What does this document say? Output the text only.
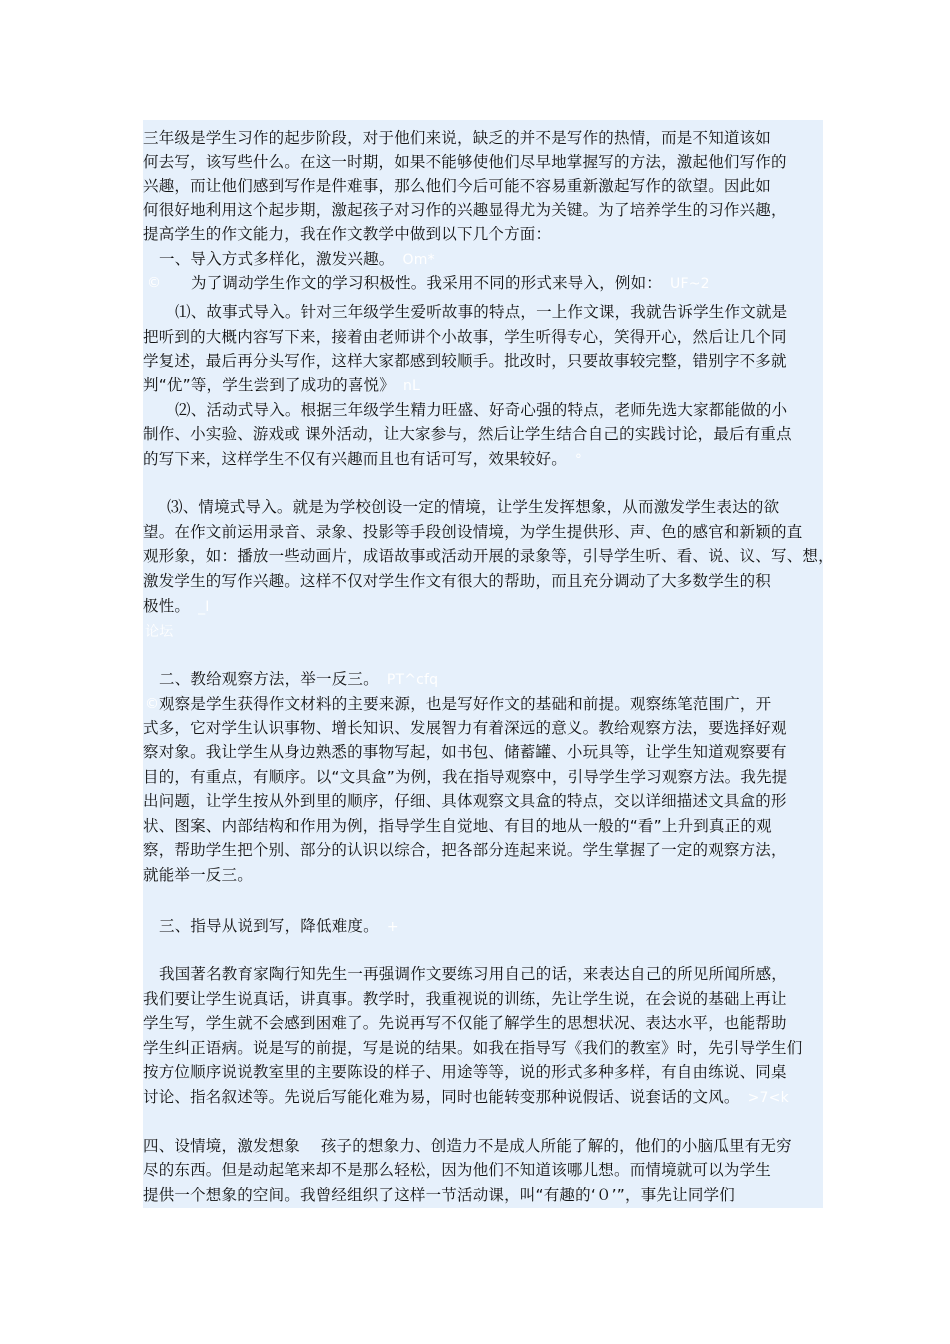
三年级是学生习作的起步阶段，对于他们来说，缺乏的并不是写作的热情，而是不知道该如
何去写，该写些什么。在这一时期，如果不能够使他们尽早地掌握写的方法，激起他们写作的
兴趣，而让他们感到写作是件难事，那么他们今后可能不容易重新激起写作的欲望。因此如
何很好地利用这个起步期，激起孩子对习作的兴趣显得尤为关键。为了培养学生的习作兴趣，
提高学生的作文能力，我在作文教学中做到以下几个方面：
一、导入方式多样化，激发兴趣。 Om*
© 为了调动学生作文的学习积极性。我采用不同的形式来导入，例如： UF~2
⑴、故事式导入。针对三年级学生爱听故事的特点，一上作文课，我就告诉学生作文就是
把听到的大概内容写下来，接着由老师讲个小故事，学生听得专心，笑得开心，然后让几个同
学复述，最后再分头写作，这样大家都感到较顺手。批改时，只要故事较完整，错别字不多就
判“优”等，学生尝到了成功的喜悦》 nL
⑵、活动式导入。根据三年级学生精力旺盛、好奇心强的特点，老师先选大家都能做的小
制作、小实验、游戏或 课外活动，让大家参与，然后让学生结合自己的实践讨论，最后有重点
的写下来，这样学生不仅有兴趣而且也有话可写，效果较好。 °
⑶、情境式导入。就是为学校创设一定的情境，让学生发挥想象，从而激发学生表达的欲
望。在作文前运用录音、录象、投影等手段创设情境，为学生提供形、声、色的感官和新颖的直
观形象，如：播放一些动画片，成语故事或活动开展的录象等，引导学生听、看、说、议、写、想，
激发学生的写作兴趣。这样不仅对学生作文有很大的帮助，而且充分调动了大多数学生的积
极性。 _I
论坛
二、教给观察方法，举一反三。 PT^cfq
© 观察是学生获得作文材料的主要来源，也是写好作文的基础和前提。观察练笔范围广，开
式多，它对学生认识事物、增长知识、发展智力有着深远的意义。教给观察方法，要选择好观
察对象。我让学生从身边熟悉的事物写起，如书包、储蓄罐、小玩具等，让学生知道观察要有
目的，有重点，有顺序。以“文具盒”为例，我在指导观察中，引导学生学习观察方法。我先提
出问题，让学生按从外到里的顺序，仔细、具体观察文具盒的特点，交以详细描述文具盒的形
状、图案、内部结构和作用为例，指导学生自觉地、有目的地从一般的“看”上升到真正的观
察，帮助学生把个别、部分的认识以综合，把各部分连起来说。学生掌握了一定的观察方法，
就能举一反三。
三、指导从说到写，降低难度。 +
我国著名教育家陶行知先生一再强调作文要练习用自己的话，来表达自己的所见所闻所感，
我们要让学生说真话，讲真事。教学时，我重视说的训练，先让学生说，在会说的基础上再让
学生写，学生就不会感到困难了。先说再写不仅能了解学生的思想状况、表达水平，也能帮助
学生纠正语病。说是写的前提，写是说的结果。如我在指导写《我们的教室》时，先引导学生们
按方位顺序说说教室里的主要陈设的样子、用途等等，说的形式多种多样，有自由练说、同桌
讨论、指名叙述等。先说后写能化难为易，同时也能转变那种说假话、说套话的文风。 >7<k
四、设情境，激发想象　 孩子的想象力、创造力不是成人所能了解的，他们的小脑瓜里有无穷
尽的东西。但是动起笔来却不是那么轻松，因为他们不知道该哪儿想。而情境就可以为学生
提供一个想象的空间。我曾经组织了这样一节活动课，叫“有趣的‘０’”，事先让同学们
